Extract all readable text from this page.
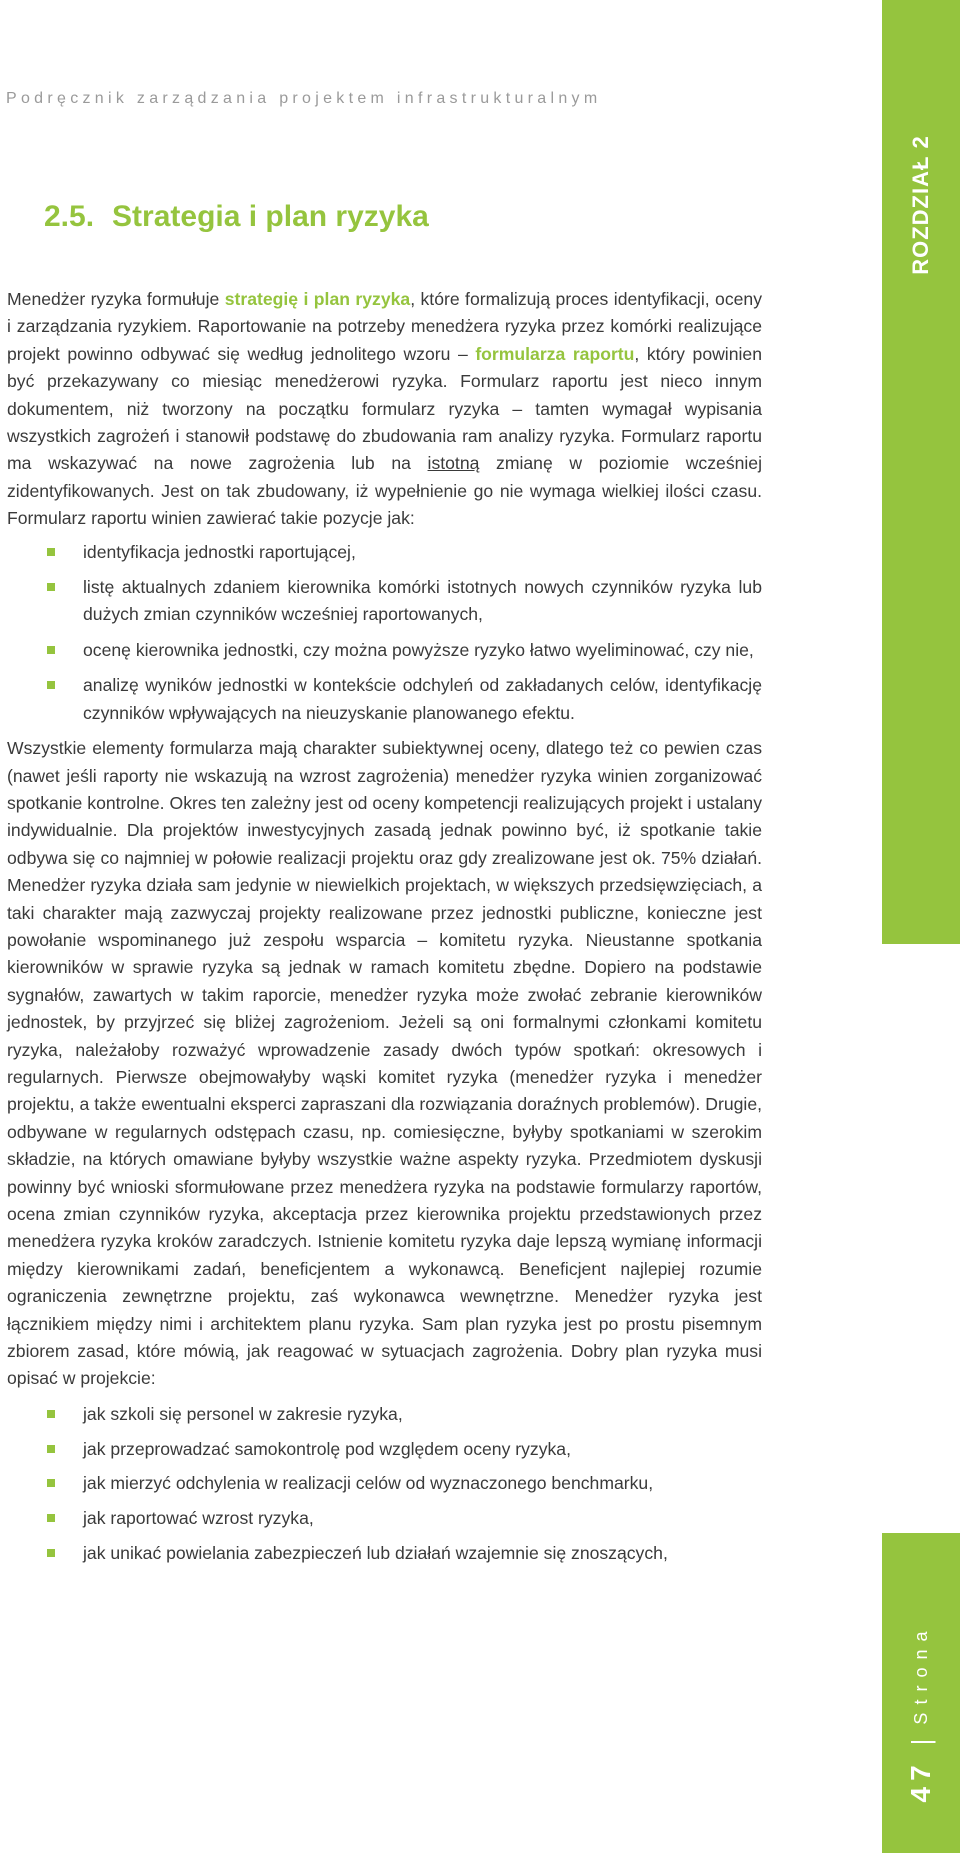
Podręcznik zarządzania projektem infrastrukturalnym
ROZDZIAŁ 2
47
|
Strona
2.5. Strategia i plan ryzyka

Menedżer ryzyka formułuje strategię i plan ryzyka, które formalizują proces identyfikacji, oceny i zarządzania ryzykiem. Raportowanie na potrzeby menedżera ryzyka przez komórki realizujące projekt powinno odbywać się według jednolitego wzoru – formularza raportu, który powinien być przekazywany co miesiąc menedżerowi ryzyka. Formularz raportu jest nieco innym dokumentem, niż tworzony na początku formularz ryzyka – tamten wymagał wypisania wszystkich zagrożeń i stanowił podstawę do zbudowania ram analizy ryzyka. Formularz raportu ma wskazywać na nowe zagrożenia lub na istotną zmianę w poziomie wcześniej zidentyfikowanych. Jest on tak zbudowany, iż wypełnienie go nie wymaga wielkiej ilości czasu. Formularz raportu winien zawierać takie pozycje jak:

identyfikacja jednostki raportującej,
listę aktualnych zdaniem kierownika komórki istotnych nowych czynników ryzyka lub dużych zmian czynników wcześniej raportowanych,
ocenę kierownika jednostki, czy można powyższe ryzyko łatwo wyeliminować, czy nie,
analizę wyników jednostki w kontekście odchyleń od zakładanych celów, identyfikację czynników wpływających na nieuzyskanie planowanego efektu.

Wszystkie elementy formularza mają charakter subiektywnej oceny, dlatego też co pewien czas (nawet jeśli raporty nie wskazują na wzrost zagrożenia) menedżer ryzyka winien zorganizować spotkanie kontrolne. Okres ten zależny jest od oceny kompetencji realizujących projekt i ustalany indywidualnie. Dla projektów inwestycyjnych zasadą jednak powinno być, iż spotkanie takie odbywa się co najmniej w połowie realizacji projektu oraz gdy zrealizowane jest ok. 75% działań. Menedżer ryzyka działa sam jedynie w niewielkich projektach, w większych przedsięwzięciach, a taki charakter mają zazwyczaj projekty realizowane przez jednostki publiczne, konieczne jest powołanie wspominanego już zespołu wsparcia – komitetu ryzyka. Nieustanne spotkania kierowników w sprawie ryzyka są jednak w ramach komitetu zbędne. Dopiero na podstawie sygnałów, zawartych w takim raporcie, menedżer ryzyka może zwołać zebranie kierowników jednostek, by przyjrzeć się bliżej zagrożeniom. Jeżeli są oni formalnymi członkami komitetu ryzyka, należałoby rozważyć wprowadzenie zasady dwóch typów spotkań: okresowych i regularnych. Pierwsze obejmowałyby wąski komitet ryzyka (menedżer ryzyka i menedżer projektu, a także ewentualni eksperci zapraszani dla rozwiązania doraźnych problemów). Drugie, odbywane w regularnych odstępach czasu, np. comiesięczne, byłyby spotkaniami w szerokim składzie, na których omawiane byłyby wszystkie ważne aspekty ryzyka. Przedmiotem dyskusji powinny być wnioski sformułowane przez menedżera ryzyka na podstawie formularzy raportów, ocena zmian czynników ryzyka, akceptacja przez kierownika projektu przedstawionych przez menedżera ryzyka kroków zaradczych. Istnienie komitetu ryzyka daje lepszą wymianę informacji między kierownikami zadań, beneficjentem a wykonawcą. Beneficjent najlepiej rozumie ograniczenia zewnętrzne projektu, zaś wykonawca wewnętrzne. Menedżer ryzyka jest łącznikiem między nimi i architektem planu ryzyka. Sam plan ryzyka jest po prostu pisemnym zbiorem zasad, które mówią, jak reagować w sytuacjach zagrożenia. Dobry plan ryzyka musi opisać w projekcie:

jak szkoli się personel w zakresie ryzyka,
jak przeprowadzać samokontrolę pod względem oceny ryzyka,
jak mierzyć odchylenia w realizacji celów od wyznaczonego benchmarku,
jak raportować wzrost ryzyka,
jak unikać powielania zabezpieczeń lub działań wzajemnie się znoszących,
